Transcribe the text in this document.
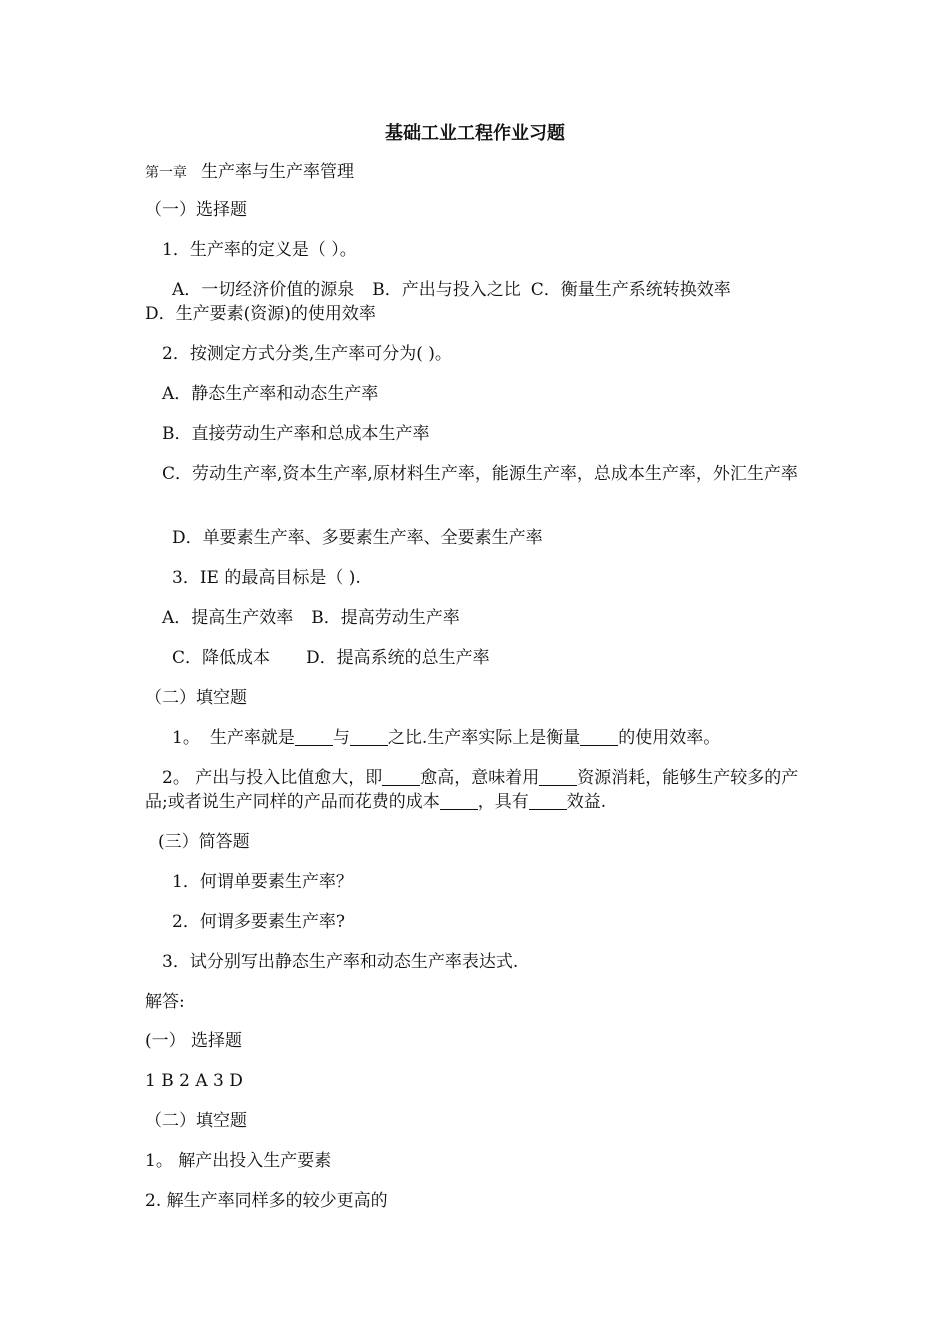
基础工业工程作业习题
第一章 生产率与生产率管理
（一）选择题
1．生产率的定义是（ ）。
A．一切经济价值的源泉 B．产出与投入之比 C．衡量生产系统转换效率
D．生产要素(资源)的使用效率
2．按测定方式分类,生产率可分为( )。
A．静态生产率和动态生产率
B．直接劳动生产率和总成本生产率
C．劳动生产率,资本生产率,原材料生产率，能源生产率，总成本生产率，外汇生产率
D．单要素生产率、多要素生产率、全要素生产率
3．IE 的最高目标是（ ).
A．提高生产效率 B．提高劳动生产率
C．降低成本 D．提高系统的总生产率
（二）填空题
1。 生产率就是 与 之比.生产率实际上是衡量 的使用效率。
2。 产出与投入比值愈大，即 愈高，意味着用 资源消耗，能够生产较多的产品;或者说生产同样的产品而花费的成本 ，具有 效益.
(三）简答题
1．何谓单要素生产率？
2．何谓多要素生产率?
3．试分别写出静态生产率和动态生产率表达式.
解答:
(一） 选择题
1 B 2 A 3 D
（二）填空题
1。 解产出投入生产要素
2. 解生产率同样多的较少更高的
